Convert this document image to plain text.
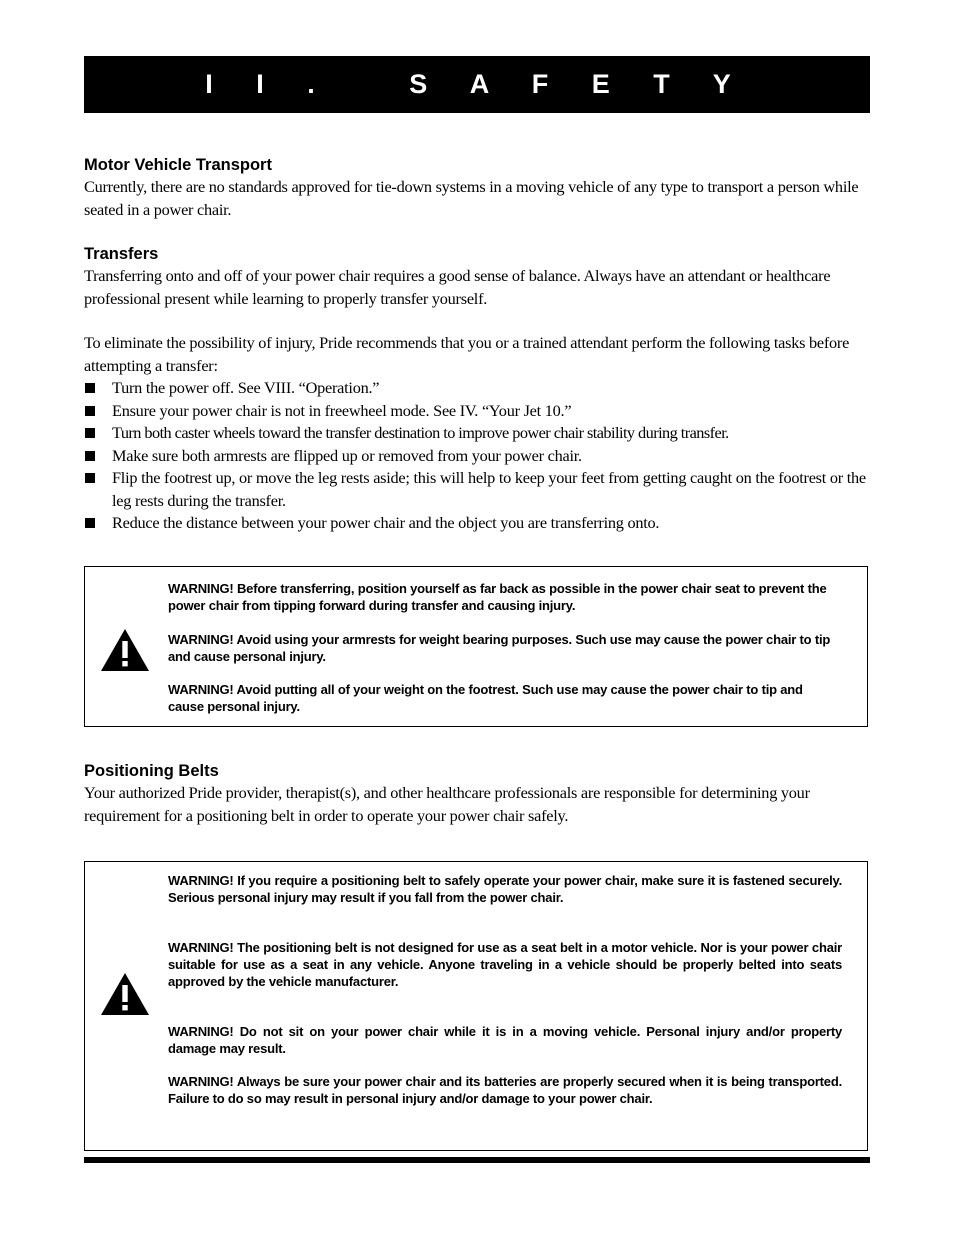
I I .   S A F E T Y
Motor Vehicle Transport

Currently, there are no standards approved for tie-down systems in a moving vehicle of any type to transport a person while seated in a power chair.

Transfers

Transferring onto and off of your power chair requires a good sense of balance. Always have an attendant or healthcare professional present while learning to properly transfer yourself.

To eliminate the possibility of injury, Pride recommends that you or a trained attendant perform the following tasks before attempting a transfer:

Turn the power off. See VIII. “Operation.”
Ensure your power chair is not in freewheel mode. See IV. “Your Jet 10.”
Turn both caster wheels toward the transfer destination to improve power chair stability during transfer.
Make sure both armrests are flipped up or removed from your power chair.
Flip the footrest up, or move the leg rests aside; this will help to keep your feet from getting caught on the footrest or the leg rests during the transfer.
Reduce the distance between your power chair and the object you are transferring onto.

WARNING! Before transferring, position yourself as far back as possible in the power chair seat to prevent the power chair from tipping forward during transfer and causing injury.

WARNING! Avoid using your armrests for weight bearing purposes. Such use may cause the power chair to tip and cause personal injury.

WARNING! Avoid putting all of your weight on the footrest. Such use may cause the power chair to tip and cause personal injury.

Positioning Belts

Your authorized Pride provider, therapist(s), and other healthcare professionals are responsible for determining your requirement for a positioning belt in order to operate your power chair safely.

WARNING! If you require a positioning belt to safely operate your power chair, make sure it is fastened securely. Serious personal injury may result if you fall from the power chair.

WARNING! The positioning belt is not designed for use as a seat belt in a motor vehicle. Nor is your power chair suitable for use as a seat in any vehicle. Anyone traveling in a vehicle should be properly belted into seats approved by the vehicle manufacturer.

WARNING! Do not sit on your power chair while it is in a moving vehicle. Personal injury and/or property damage may result.

WARNING! Always be sure your power chair and its batteries are properly secured when it is being transported. Failure to do so may result in personal injury and/or damage to your power chair.
